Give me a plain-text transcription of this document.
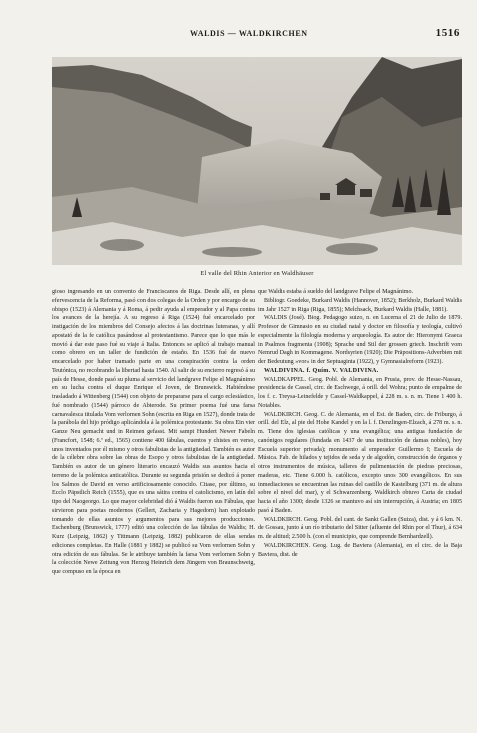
WALDIS — WALDKIRCHEN	1516
El valle del Rhin Anterior en Waldhäuser

gioso ingresando en un convento de Franciscanos de Riga. Desde allí, en plena efervescencia de la Reforma, pasó con dos colegas de la Orden y por encargo de su obispo (1523) á Alemania y á Roma, á pedir ayuda al emperador y al Papa contra los avances de la herejía. A su regreso á Riga (1524) fué encarcelado por instigación de los miembros del Consejo afectos á las doctrinas luteranas, y allí apostató de la fe católica pasándose al protestantismo. Parece que lo que más le movió á dar este paso fué su viaje á Italia. Entonces se aplicó al trabajo manual como obrero en un taller de fundición de estaño. En 1536 fué de nuevo encarcelado por haber tramado parte en una conspiración contra la orden Teutónica, no recobrando la libertad hasta 1540. Al salir de su encierro regresó á su país de Hesse, donde pasó su pluma al servicio del landgrave Felipe el Magnánimo en su lucha contra el duque Enrique el Joven, de Brunswick. Habiéndose trasladado á Wittenberg (1544) con objeto de prepararse para el cargo eclesiástico, fué nombrado (1544) párroco de Abterode. Su primer poema fué una farsa carnavalesca titulada Vom verlornen Sohn (escrita en Riga en 1527), donde trata de la parábola del hijo pródigo aplicándola á la polémica protestante. Su obra Ein vier Ganze Neu gemacht und in Reimen gefasst. Mit sampt Hundert Newer Fabeln (Francfort, 1548; 6.ª ed., 1565) contiene 400 fábulas, cuentos y chistes en verso, unos inventados por él mismo y otros fabulistas de la antigüedad. También es autor de la célebre obra sobre las obras de Esopo y otros fabulistas de la antigüedad. También es autor de un género literario encauzó Waldis sus asuntos hacia el terreno de la polémica anticatólica. Durante su segunda prisión se dedicó á poner los Salmos de David en verso artificiosamente conocido. Citase, por último, su Ecclo Päpstlich Reich (1555), que es una sátira contra el catolicismo, en latín del tipo del Naogeorgo. Lo que mayor celebridad dió á Waldis fueron sus Fábulas, que sirvieron para poetas modernos (Gellert, Zacharia y Hagedorn) han explotado tomando de ellas asuntos y argumentos para sus mejores producciones. Eschenburg (Brunswick, 1777) editó una colección de las fábulas de Waldis; H. Kurz (Leipzig, 1862) y Tittmann (Leipzig, 1882) publicaron de ellas sendas ediciones completas. En Halle (1881 y 1882) se publicó su Vom verlornen Sohn y otra edición de sus fábulas. Se le atribuye también la farsa Vom verlornen Sohn y la colección Newe Zeitung von Herzog Heinrich dem Jüngern von Braunschweig, que compuso en la época en

que Waldis estaba á sueldo del landgrave Felipe el Magnánimo.

Bibliogr. Goedeke, Burkard Waldis (Hannover, 1852); Berkholz, Burkard Waldis im Jahr 1527 in Riga (Riga, 1855); Melchsack, Burkard Waldis (Halle, 1881).

WALDIS (José). Biog. Pedagogo suizo, n. en Lucerna el 21 de Julio de 1879. Profesor de Gimnasio en su ciudad natal y doctor en filosofía y teología, cultivó especialmente la filología moderna y arqueología. Es autor de: Hieronymi Graeca in Psalmos fragmenta (1908); Sprache und Stil der grossen griech. Inschrift vom Nemrud Dagh in Kommagene. Nordsyrien (1920); Die Präpositions-Adverbien mit der Bedeutung »vor« in der Septuaginta (1922), y Gymnasialreform (1923).

WALDIVINA. f. Quím. V. VALDIVINA.

WALDKAPPEL. Geog. Pobl. de Alemania, en Prusia, prov. de Hesse-Nassau, presidencia de Cassel, circ. de Eschwege, á orill. del Wohra; punto de empalme de los f. c. Treysa-Leinefelde y Cassel-Waldkappel, á 228 m. s. n. m. Tiene 1 400 h. Notables.

WALDKIRCH. Geog. C. de Alemania, en el Est. de Baden, circ. de Friburgo, á orill. del Elz, al pie del Hohe Kandel y en la l. f. Denzlingen-Elzach, á 278 m. s. n. m. Tiene dos iglesias católicas y una evangélica; una antigua fundación de canónigos regulares (fundada en 1437 de una institución de damas nobles), hoy Escuela superior privada); monumento al emperador Guillermo I; Escuela de Música. Fab. de hilados y tejidos de seda y de algodón, construcción de órganos y otros instrumentos de música, talleres de pulimentación de piedras preciosas, maderas, etc. Tiene 6.000 h. católicos, excepto unos 300 evangélicos. En sus inmediaciones se encuentran las ruinas del castillo de Kastelburg (371 m. de altura sobre el nivel del mar), y el Schwarzenberg. Waldkirch obtuvo Carta de ciudad hacia el año 1300; desde 1326 se mantuvo así sin interrupción, á Austria; en 1805 pasó á Baden.

WALDKIRCH. Geog. Pobl. del cant. de Sankt Gallen (Suiza), dist. y á 6 km. N. de Gossau, junto á un río tributario del Sitter (afluente del Rhin por el Thur), á 634 m. de altitud; 2.500 h. (con el municipio, que comprende Bernhardzell).

WALDKIRCHEN. Geog. Lug. de Baviera (Alemania), en el circ. de la Baja Baviera, dist. de
